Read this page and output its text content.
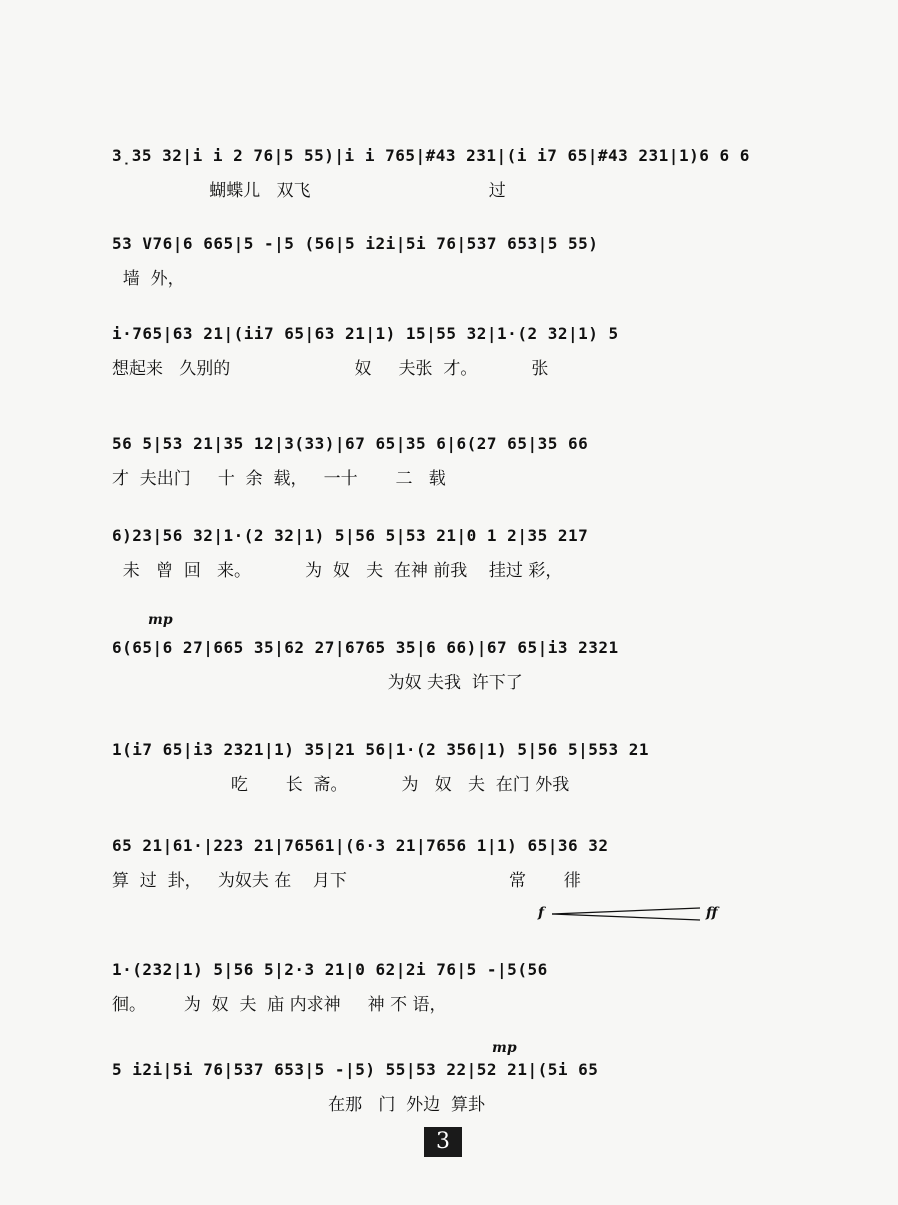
3̣35 32|i i 2 76|5 55)|i i 765|#43 231|(i i7 65|#43 231|1)6 6 6
蝴蝶儿   双飞                                 过
53 V76|6 665|5 -|5 (56|5 i2i|5i 76|537 653|5 55)
墙  外，
i·765|63 21|(ii7 65|63 21|1) 15|55 32|1·(2 32|1) 5
想起来   久别的                       奴     夫张  才。          张
56 5|53 21|35 12|3(33)|67 65|35 6|6(27 65|35 66
才  夫出门     十  余  载，   一十       二   载
6)23|56 32|1·(2 32|1) 5|56 5|53 21|0 1 2|35 217
未   曾  回   来。          为  奴   夫  在神 前我    挂过 彩，
mp
6(65|6 27|665 35|62 27|6765 35|6 66)|67 65|i3 2321
为奴 夫我  许下了
1(i7 65|i3 2321|1) 35|21 56|1·(2 356|1) 5|56 5|553 21
吃       长  斋。          为   奴   夫  在门 外我
65 21|61·|223 21|76561|(6·3 21|7656 1|1) 65|36 32
算  过  卦，   为奴夫 在    月下                              常       徘
f	ff
1·(232|1) 5|56 5|2·3 21|0 62|2i 76|5 -|5(56
徊。       为  奴  夫  庙 内求神     神 不 语，
mp
5 i2i|5i 76|537 653|5 -|5) 55|53 22|52 21|(5i 65
在那   门  外边  算卦
3
